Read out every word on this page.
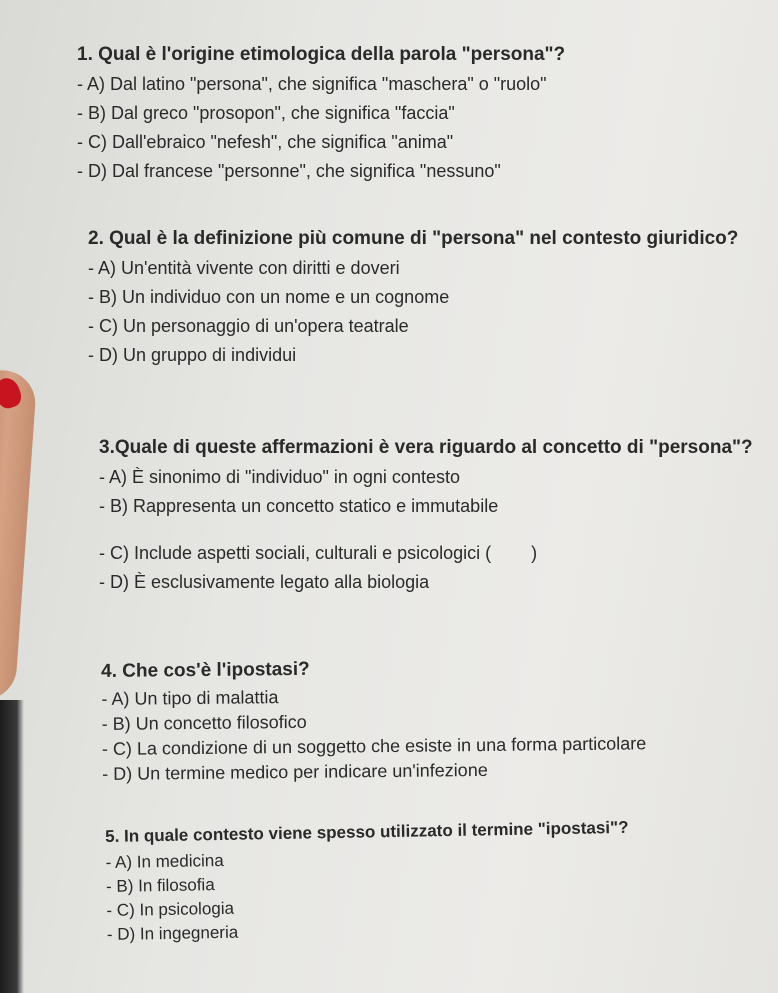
1. Qual è l'origine etimologica della parola "persona"?

- A) Dal latino "persona", che significa "maschera" o "ruolo"

- B) Dal greco "prosopon", che significa "faccia"

- C) Dall'ebraico "nefesh", che significa "anima"

- D) Dal francese "personne", che significa "nessuno"

2. Qual è la definizione più comune di "persona" nel contesto giuridico?

- A) Un'entità vivente con diritti e doveri

- B) Un individuo con un nome e un cognome

- C) Un personaggio di un'opera teatrale

- D) Un gruppo di individui

3.Quale di queste affermazioni è vera riguardo al concetto di "persona"?

- A) È sinonimo di "individuo" in ogni contesto

- B) Rappresenta un concetto statico e immutabile

- C) Include aspetti sociali, culturali e psicologici ( )

- D) È esclusivamente legato alla biologia

4. Che cos'è l'ipostasi?

- A) Un tipo di malattia

- B) Un concetto filosofico

- C) La condizione di un soggetto che esiste in una forma particolare

- D) Un termine medico per indicare un'infezione

5. In quale contesto viene spesso utilizzato il termine "ipostasi"?

- A) In medicina

- B) In filosofia

- C) In psicologia

- D) In ingegneria
